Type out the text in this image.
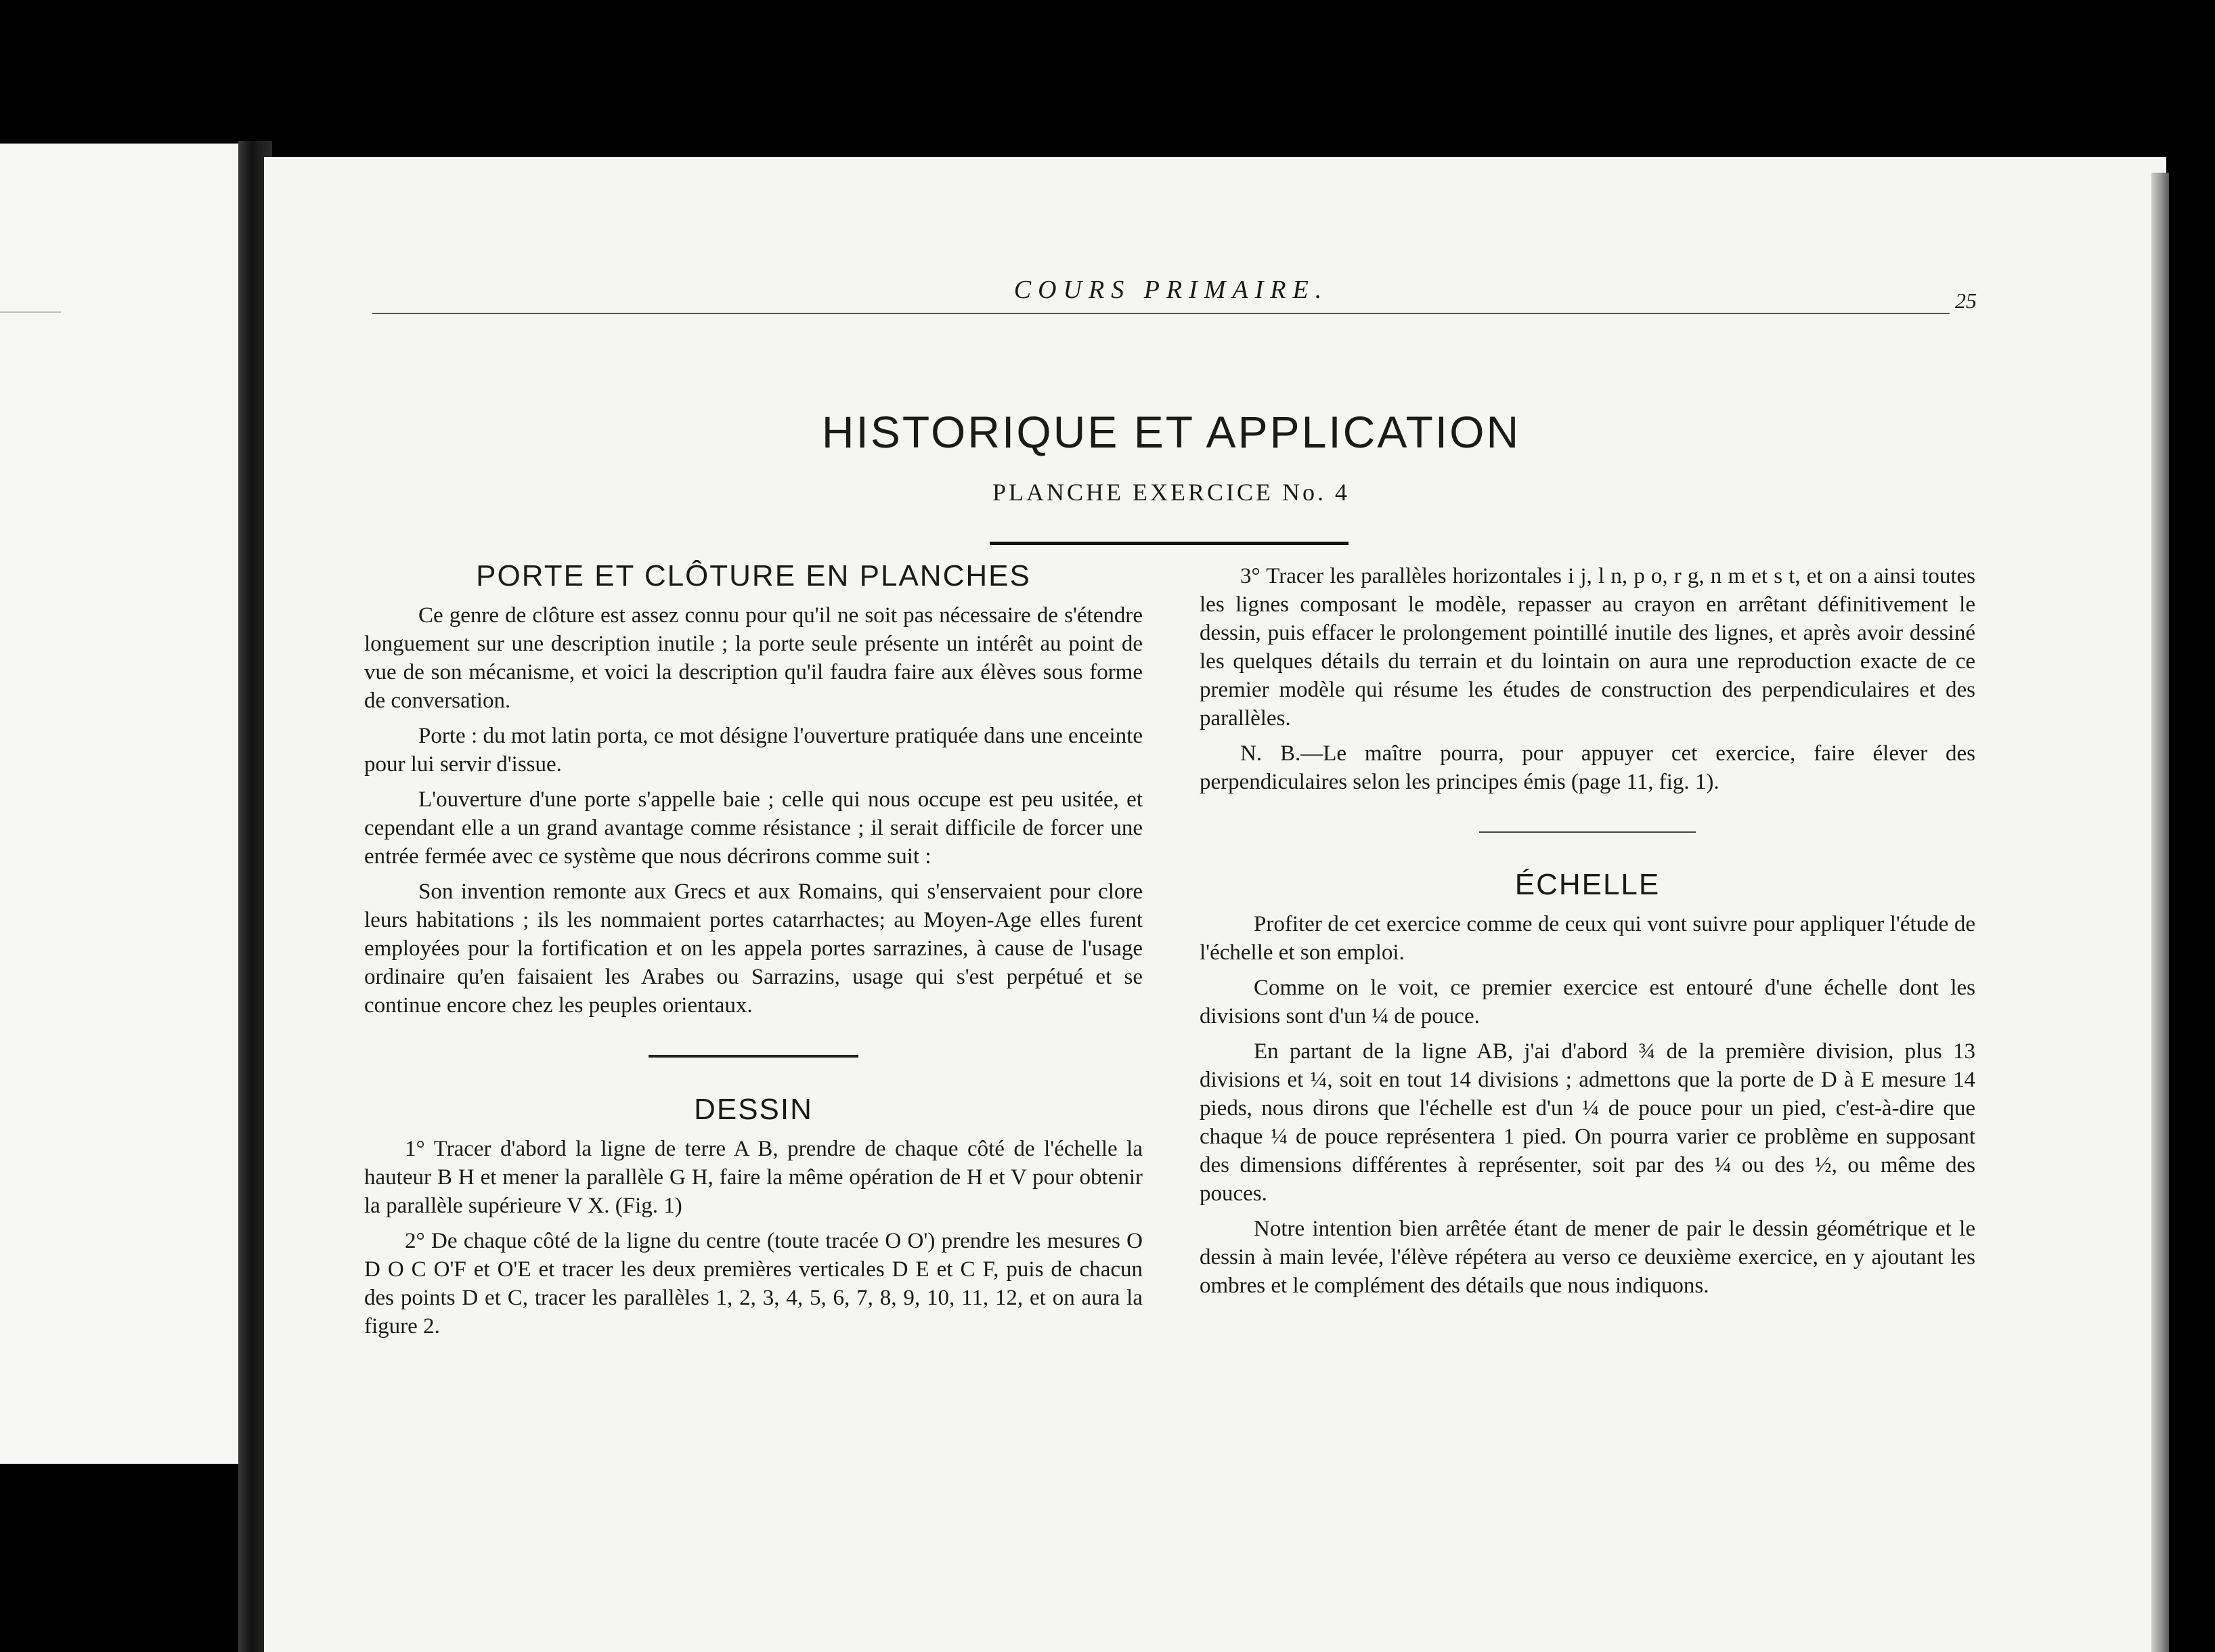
COURS PRIMAIRE.	25
HISTORIQUE ET APPLICATION
PLANCHE EXERCICE No. 4
PORTE ET CLÔTURE EN PLANCHES

Ce genre de clôture est assez connu pour qu'il ne soit pas nécessaire de s'étendre longuement sur une description inutile ; la porte seule présente un intérêt au point de vue de son mécanisme, et voici la description qu'il faudra faire aux élèves sous forme de conversation.

Porte : du mot latin porta, ce mot désigne l'ouverture pratiquée dans une enceinte pour lui servir d'issue.

L'ouverture d'une porte s'appelle baie ; celle qui nous occupe est peu usitée, et cependant elle a un grand avantage comme résistance ; il serait difficile de forcer une entrée fermée avec ce système que nous décrirons comme suit :

Son invention remonte aux Grecs et aux Romains, qui s'enservaient pour clore leurs habitations ; ils les nommaient portes catarrhactes; au Moyen-Age elles furent employées pour la fortification et on les appela portes sarrazines, à cause de l'usage ordinaire qu'en faisaient les Arabes ou Sarrazins, usage qui s'est perpétué et se continue encore chez les peuples orientaux.

DESSIN

1° Tracer d'abord la ligne de terre A B, prendre de chaque côté de l'échelle la hauteur B H et mener la parallèle G H, faire la même opération de H et V pour obtenir la parallèle supérieure V X. (Fig. 1)

2° De chaque côté de la ligne du centre (toute tracée O O') prendre les mesures O D O C O'F et O'E et tracer les deux premières verticales D E et C F, puis de chacun des points D et C, tracer les parallèles 1, 2, 3, 4, 5, 6, 7, 8, 9, 10, 11, 12, et on aura la figure 2.

3° Tracer les parallèles horizontales i j, l n, p o, r g, n m et s t, et on a ainsi toutes les lignes composant le modèle, repasser au crayon en arrêtant définitivement le dessin, puis effacer le prolongement pointillé inutile des lignes, et après avoir dessiné les quelques détails du terrain et du lointain on aura une reproduction exacte de ce premier modèle qui résume les études de construction des perpendiculaires et des parallèles.

N. B.—Le maître pourra, pour appuyer cet exercice, faire élever des perpendiculaires selon les principes émis (page 11, fig. 1).

ÉCHELLE

Profiter de cet exercice comme de ceux qui vont suivre pour appliquer l'étude de l'échelle et son emploi.

Comme on le voit, ce premier exercice est entouré d'une échelle dont les divisions sont d'un ¼ de pouce.

En partant de la ligne AB, j'ai d'abord ¾ de la première division, plus 13 divisions et ¼, soit en tout 14 divisions ; admettons que la porte de D à E mesure 14 pieds, nous dirons que l'échelle est d'un ¼ de pouce pour un pied, c'est-à-dire que chaque ¼ de pouce représentera 1 pied. On pourra varier ce problème en supposant des dimensions différentes à représenter, soit par des ¼ ou des ½, ou même des pouces.

Notre intention bien arrêtée étant de mener de pair le dessin géométrique et le dessin à main levée, l'élève répétera au verso ce deuxième exercice, en y ajoutant les ombres et le complément des détails que nous indiquons.
